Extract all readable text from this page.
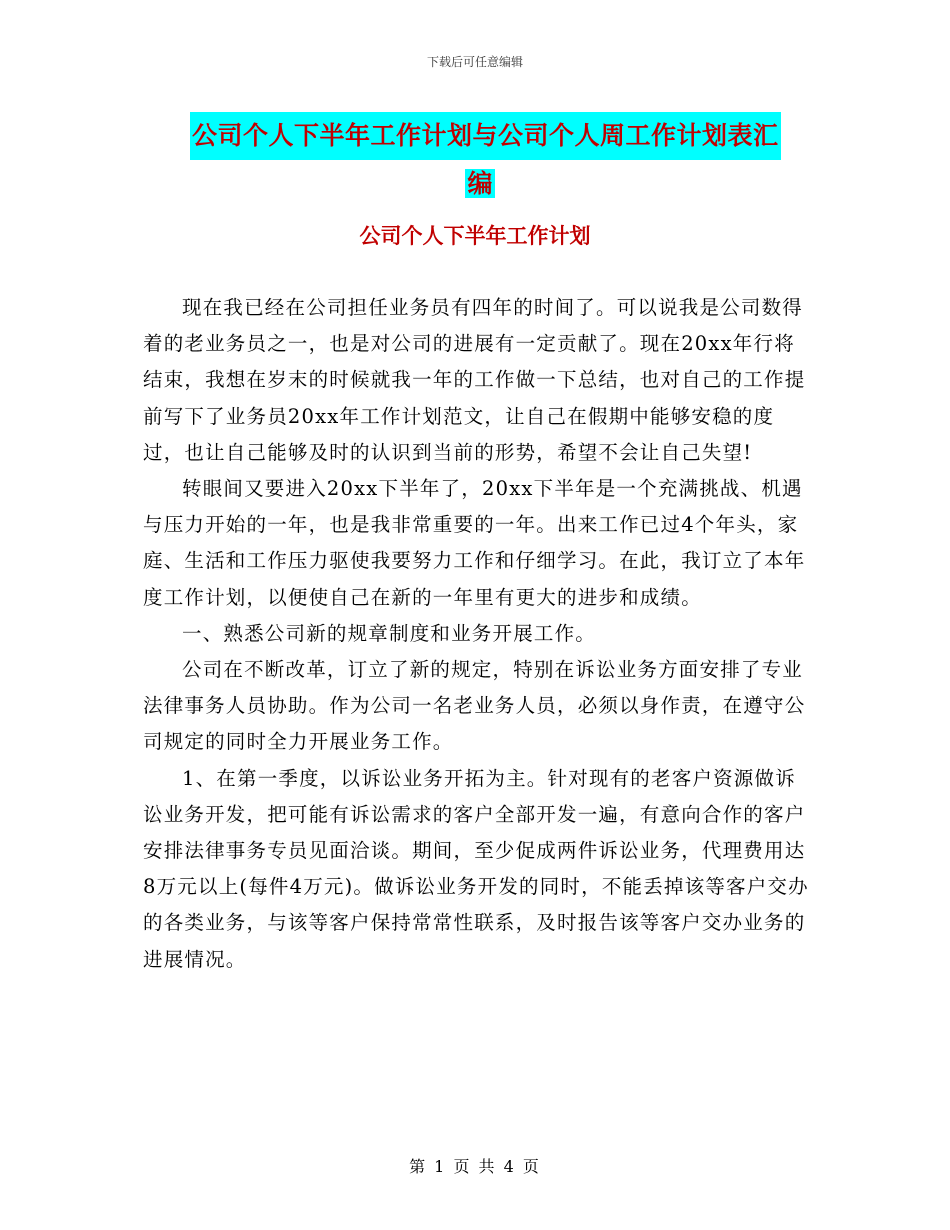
下载后可任意编辑
公司个人下半年工作计划与公司个人周工作计划表汇
编
公司个人下半年工作计划

现在我已经在公司担任业务员有四年的时间了。可以说我是公司数得着的老业务员之一，也是对公司的进展有一定贡献了。现在20xx年行将结束，我想在岁末的时候就我一年的工作做一下总结，也对自己的工作提前写下了业务员20xx年工作计划范文，让自己在假期中能够安稳的度过，也让自己能够及时的认识到当前的形势，希望不会让自己失望!

转眼间又要进入20xx下半年了，20xx下半年是一个充满挑战、机遇与压力开始的一年，也是我非常重要的一年。出来工作已过4个年头，家庭、生活和工作压力驱使我要努力工作和仔细学习。在此，我订立了本年度工作计划，以便使自己在新的一年里有更大的进步和成绩。

一、熟悉公司新的规章制度和业务开展工作。

公司在不断改革，订立了新的规定，特别在诉讼业务方面安排了专业法律事务人员协助。作为公司一名老业务人员，必须以身作责，在遵守公司规定的同时全力开展业务工作。

1、在第一季度，以诉讼业务开拓为主。针对现有的老客户资源做诉讼业务开发，把可能有诉讼需求的客户全部开发一遍，有意向合作的客户安排法律事务专员见面洽谈。期间，至少促成两件诉讼业务，代理费用达8万元以上(每件4万元)。做诉讼业务开发的同时，不能丢掉该等客户交办的各类业务，与该等客户保持常常性联系，及时报告该等客户交办业务的进展情况。

第 1 页 共 4 页
